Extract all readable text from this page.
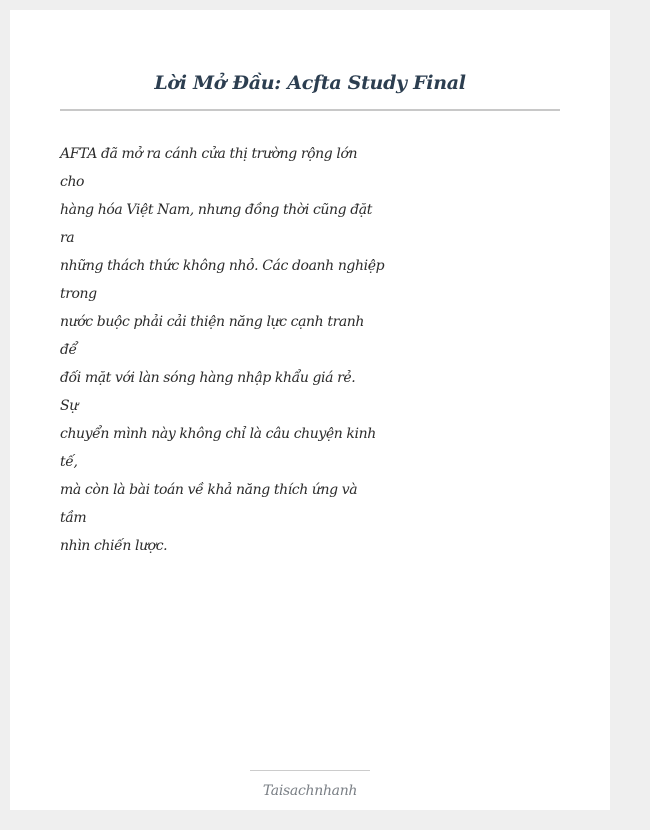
Lời Mở Đầu: Acfta Study Final
AFTA đã mở ra cánh cửa thị trường rộng lớn
cho
hàng hóa Việt Nam, nhưng đồng thời cũng đặt
ra
những thách thức không nhỏ. Các doanh nghiệp
trong
nước buộc phải cải thiện năng lực cạnh tranh
để
đối mặt với làn sóng hàng nhập khẩu giá rẻ.
Sự
chuyển mình này không chỉ là câu chuyện kinh
tế,
mà còn là bài toán về khả năng thích ứng và
tầm
nhìn chiến lược.
Taisachnhanh
